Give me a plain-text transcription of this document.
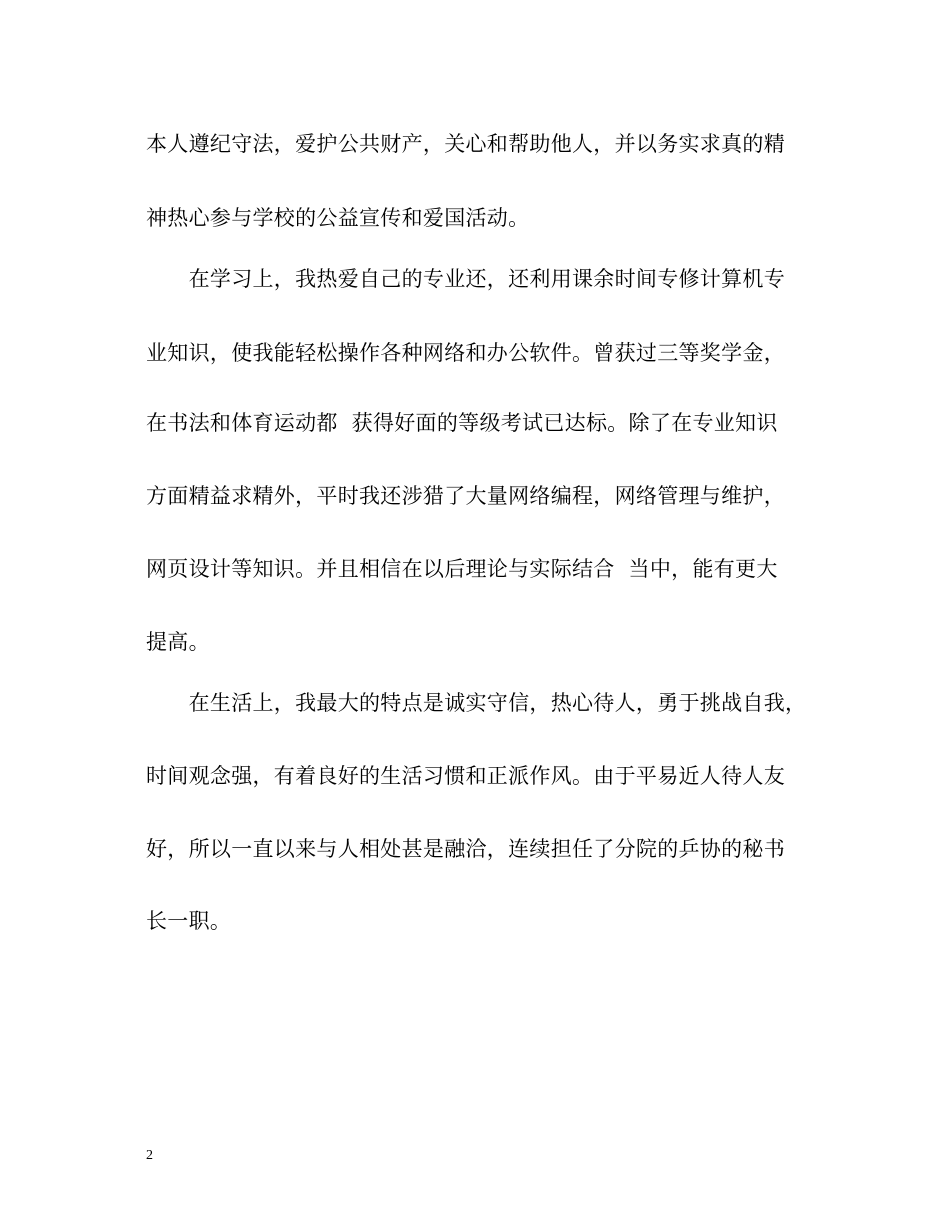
本人遵纪守法，爱护公共财产，关心和帮助他人，并以务实求真的精
神热心参与学校的公益宣传和爱国活动。
　　在学习上，我热爱自己的专业还，还利用课余时间专修计算机专
业知识，使我能轻松操作各种网络和办公软件。曾获过三等奖学金，
在书法和体育运动都  获得好面的等级考试已达标。除了在专业知识
方面精益求精外，平时我还涉猎了大量网络编程，网络管理与维护，
网页设计等知识。并且相信在以后理论与实际结合  当中，能有更大
提高。
　　在生活上，我最大的特点是诚实守信，热心待人，勇于挑战自我，
时间观念强，有着良好的生活习惯和正派作风。由于平易近人待人友
好，所以一直以来与人相处甚是融洽，连续担任了分院的乒协的秘书
长一职。
2
